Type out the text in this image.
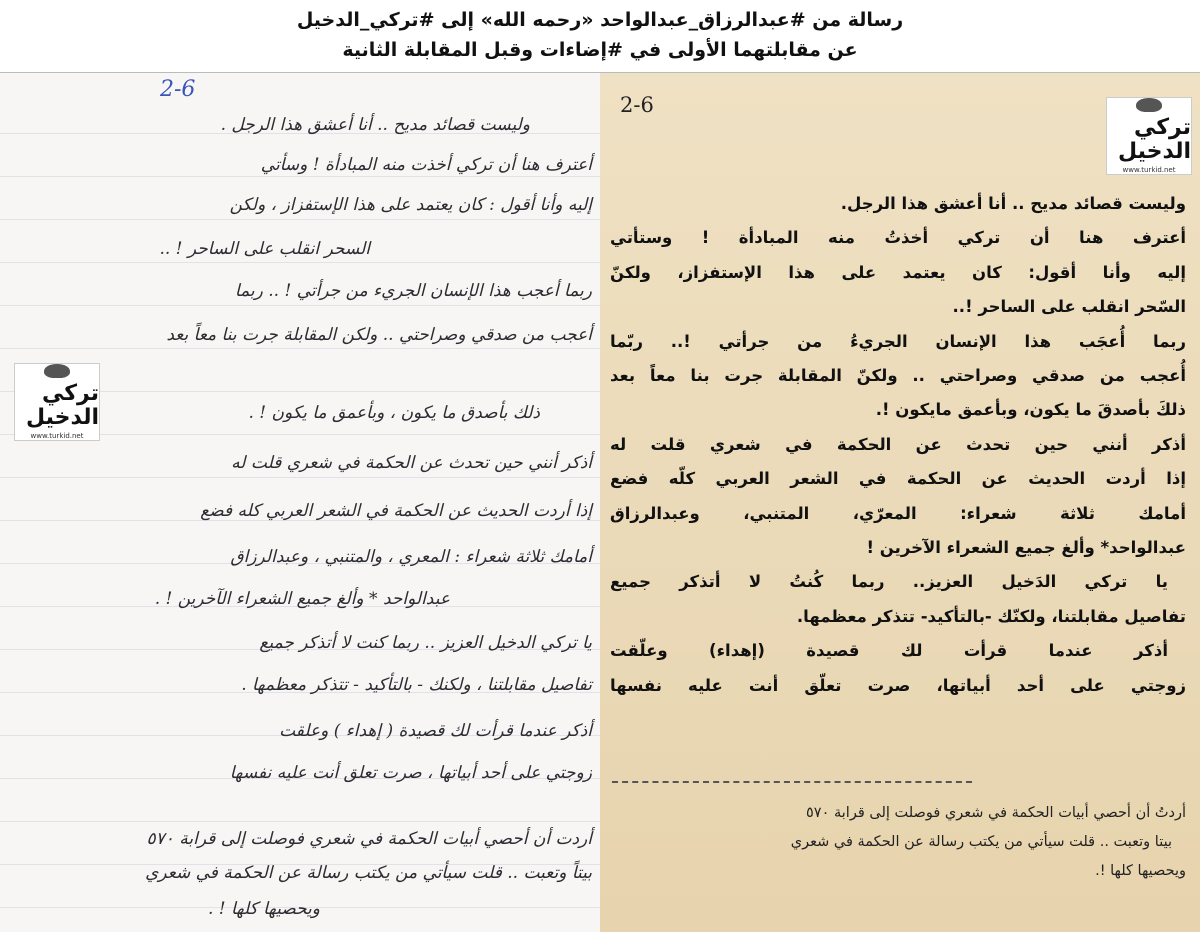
رسالة من #عبدالرزاق_عبدالواحد «رحمه الله» إلى #تركي_الدخيل
عن مقابلتهما الأولى في #إضاءات وقبل المقابلة الثانية
2-6
وليست قصائد مديح .. أنا أعشق هذا الرجل .
أعترف هنا أن تركي أخذت منه المبادأة ! وسأتي
إليه وأنا أقول : كان يعتمد على هذا الإستفزاز ، ولكن
السحر انقلب على الساحر ! ..
ربما أعجب هذا الإنسان الجريء من جرأتي ! .. ربما
أعجب من صدقي وصراحتي .. ولكن المقابلة جرت بنا معاً بعد
ذلك بأصدق ما يكون ، وبأعمق ما يكون ! .
أذكر أنني حين تحدث عن الحكمة في شعري قلت له
إذا أردت الحديث عن الحكمة في الشعر العربي كله فضع
أمامك ثلاثة شعراء : المعري ، والمتنبي ، وعبدالرزاق
عبدالواحد * وألغ جميع الشعراء الآخرين ! .
يا تركي الدخيل العزيز .. ربما كنت لا أتذكر جميع
تفاصيل مقابلتنا ، ولكنك - بالتأكيد - تتذكر معظمها .
أذكر عندما قرأت لك قصيدة ( إهداء ) وعلقت
زوجتي على أحد أبياتها ، صرت تعلق أنت عليه نفسها
أردت أن أحصي أبيات الحكمة في شعري فوصلت إلى قرابة ٥٧٠
بيتاً وتعبت .. قلت سيأتي من يكتب رسالة عن الحكمة في شعري
ويحصيها كلها ! .
تركي الدخيل
www.turkid.net
2-6
تركي الدخيل
www.turkid.net
وليست قصائد مديح .. أنا أعشق هذا الرجل.
أعترف هنا أن تركي أخذتُ منه المبادأة ! وستأتي
إليه وأنا أقول: كان يعتمد على هذا الإستفزاز، ولكنّ
السّحر انقلب على الساحر !..
ربما أُعجَب هذا الإنسان الجريءُ من جرأتي !.. ربّما
أُعجب من صدقي وصراحتي .. ولكنّ المقابلة جرت بنا معاً بعد
ذلكَ بأصدقَ ما يكون، وبأعمق مايكون !.
أذكر أنني حين تحدث عن الحكمة في شعري قلت له
إذا أردت الحديث عن الحكمة في الشعر العربي كلّه فضع
أمامك ثلاثة شعراء: المعرّي، المتنبي، وعبدالرزاق
عبدالواحد* وألغ جميع الشعراء الآخرين !
يا تركي الدَخيل العزيز.. ربما كُنتُ لا أتذكر جميع
تفاصيل مقابلتنا، ولكنّك -بالتأكيد- تتذكر معظمها.
أذكر عندما قرأت لك قصيدة (إهداء) وعلّقت
زوجتي على أحد أبياتها، صرت تعلّق أنت عليه نفسها
أردتُ أن أحصي أبيات الحكمة في شعري فوصلت إلى قرابة ٥٧٠
بيتا وتعبت .. قلت سيأتي من يكتب رسالة عن الحكمة في شعري
ويحصيها كلها !.
